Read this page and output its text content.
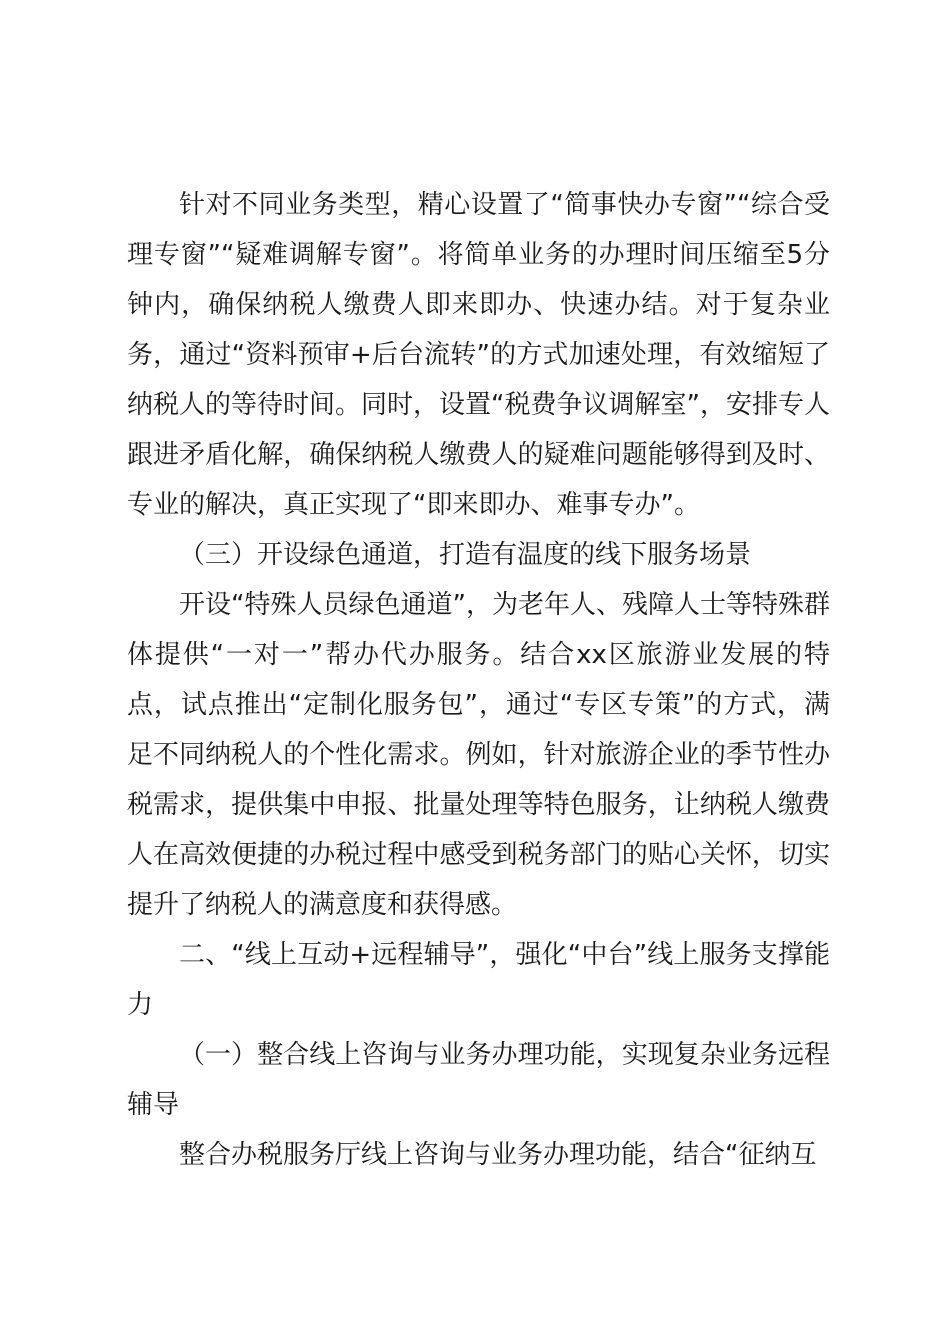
针对不同业务类型，精心设置了“简事快办专窗”“综合受理专窗”“疑难调解专窗”。将简单业务的办理时间压缩至5分钟内，确保纳税人缴费人即来即办、快速办结。对于复杂业务，通过“资料预审+后台流转”的方式加速处理，有效缩短了纳税人的等待时间。同时，设置“税费争议调解室”，安排专人跟进矛盾化解，确保纳税人缴费人的疑难问题能够得到及时、专业的解决，真正实现了“即来即办、难事专办”。

（三）开设绿色通道，打造有温度的线下服务场景

开设“特殊人员绿色通道”，为老年人、残障人士等特殊群体提供“一对一”帮办代办服务。结合xx区旅游业发展的特点，试点推出“定制化服务包”，通过“专区专策”的方式，满足不同纳税人的个性化需求。例如，针对旅游企业的季节性办税需求，提供集中申报、批量处理等特色服务，让纳税人缴费人在高效便捷的办税过程中感受到税务部门的贴心关怀，切实提升了纳税人的满意度和获得感。

二、“线上互动+远程辅导”，强化“中台”线上服务支撑能力

（一）整合线上咨询与业务办理功能，实现复杂业务远程辅导

整合办税服务厅线上咨询与业务办理功能，结合“征纳互
